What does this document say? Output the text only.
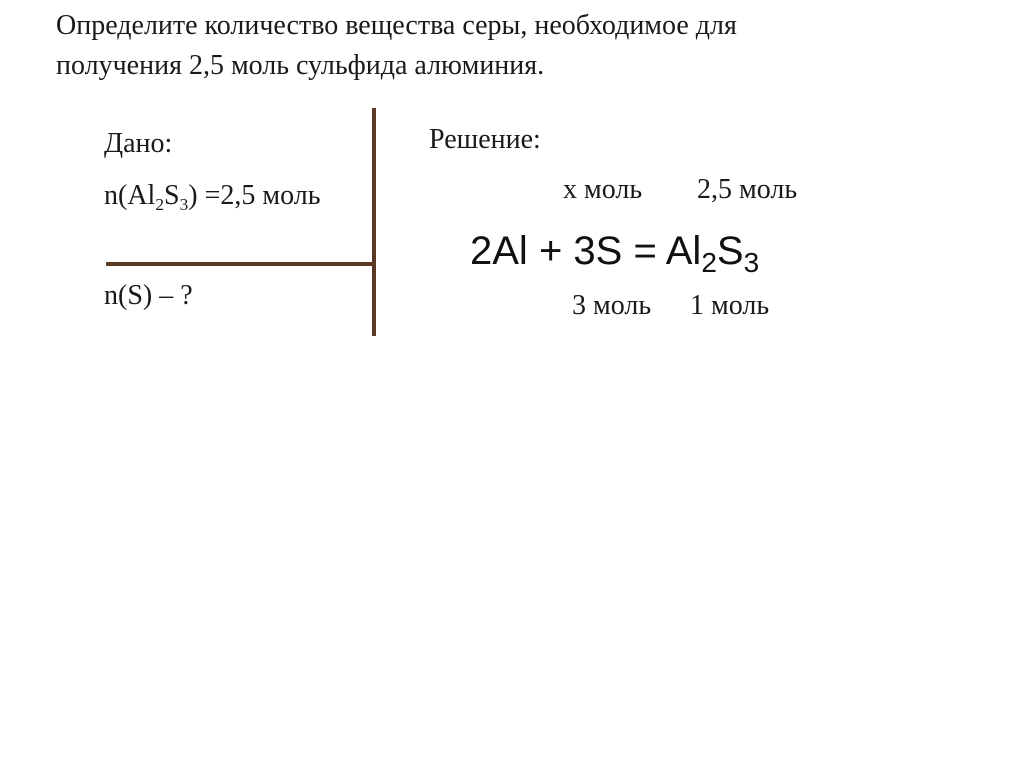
Определите количество вещества серы, необходимое для
получения 2,5 моль сульфида алюминия.
Дано:
n(Al2S3) =2,5 моль
n(S) – ?
Решение:
x моль 2,5 моль
$2Al + 3S = Al_2S_3$
3 моль 1 моль
